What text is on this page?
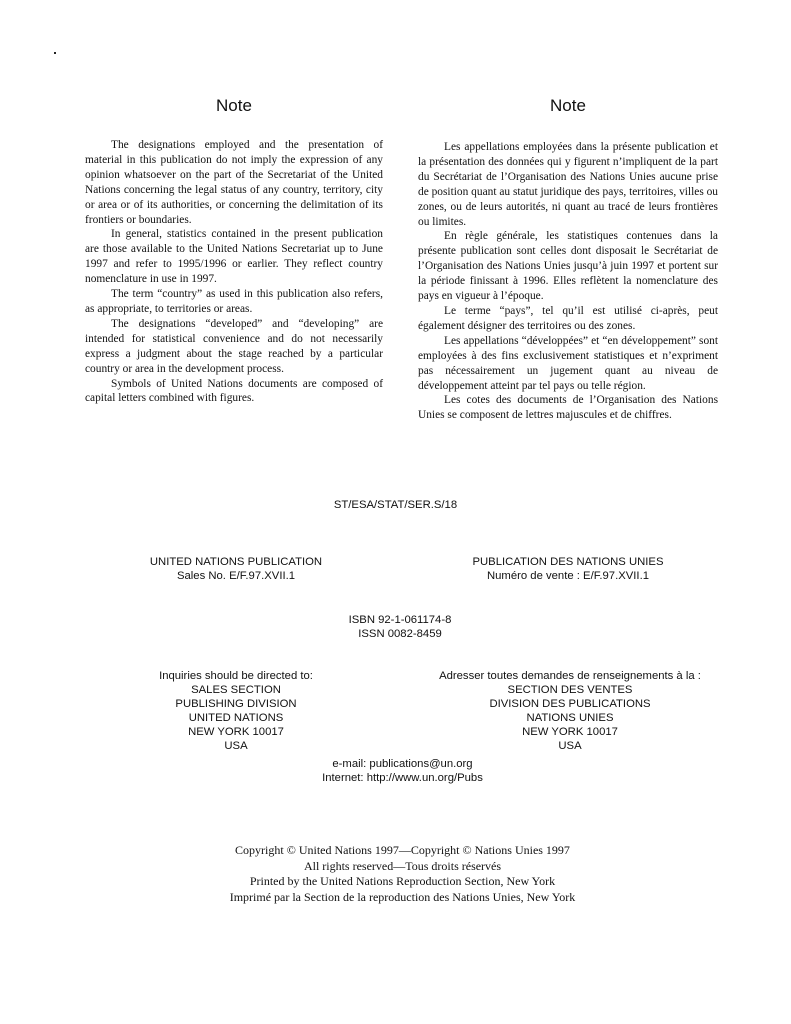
Note

The designations employed and the presentation of material in this publication do not imply the expression of any opinion whatsoever on the part of the Secretariat of the United Nations concerning the legal status of any country, territory, city or area or of its authorities, or concerning the delimitation of its frontiers or boundaries.

In general, statistics contained in the present publication are those available to the United Nations Secretariat up to June 1997 and refer to 1995/1996 or earlier. They reflect country nomenclature in use in 1997.

The term “country” as used in this publication also refers, as appropriate, to territories or areas.

The designations “developed” and “developing” are intended for statistical convenience and do not necessarily express a judgment about the stage reached by a particular country or area in the development process.

Symbols of United Nations documents are composed of capital letters combined with figures.

Note

Les appellations employées dans la présente publication et la présentation des données qui y figurent n’impliquent de la part du Secrétariat de l’Organisation des Nations Unies aucune prise de position quant au statut juridique des pays, territoires, villes ou zones, ou de leurs autorités, ni quant au tracé de leurs frontières ou limites.

En règle générale, les statistiques contenues dans la présente publication sont celles dont disposait le Secrétariat de l’Organisation des Nations Unies jusqu’à juin 1997 et portent sur la période finissant à 1996. Elles reflètent la nomenclature des pays en vigueur à l’époque.

Le terme “pays”, tel qu’il est utilisé ci-après, peut également désigner des territoires ou des zones.

Les appellations “développées” et “en développement” sont employées à des fins exclusivement statistiques et n’expriment pas nécessairement un jugement quant au niveau de développement atteint par tel pays ou telle région.

Les cotes des documents de l’Organisation des Nations Unies se composent de lettres majuscules et de chiffres.

ST/ESA/STAT/SER.S/18
UNITED NATIONS PUBLICATION
Sales No. E/F.97.XVII.1
PUBLICATION DES NATIONS UNIES
Numéro de vente : E/F.97.XVII.1
ISBN 92-1-061174-8
ISSN 0082-8459
Inquiries should be directed to:
SALES SECTION
PUBLISHING DIVISION
UNITED NATIONS
NEW YORK 10017
USA
Adresser toutes demandes de renseignements à la :
SECTION DES VENTES
DIVISION DES PUBLICATIONS
NATIONS UNIES
NEW YORK 10017
USA
e-mail: publications@un.org
Internet: http://www.un.org/Pubs
Copyright © United Nations 1997—Copyright © Nations Unies 1997
All rights reserved—Tous droits réservés
Printed by the United Nations Reproduction Section, New York
Imprimé par la Section de la reproduction des Nations Unies, New York
